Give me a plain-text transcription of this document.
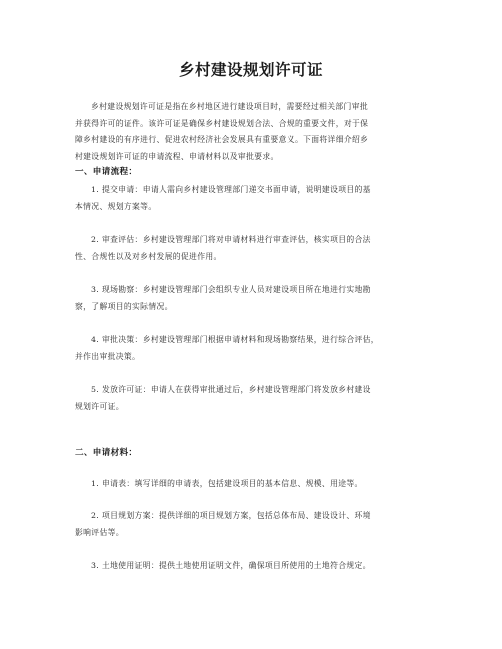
乡村建设规划许可证
乡村建设规划许可证是指在乡村地区进行建设项目时，需要经过相关部门审批
并获得许可的证件。该许可证是确保乡村建设规划合法、合规的重要文件，对于保
障乡村建设的有序进行、促进农村经济社会发展具有重要意义。下面将详细介绍乡
村建设规划许可证的申请流程、申请材料以及审批要求。
一、申请流程：
1. 提交申请：申请人需向乡村建设管理部门递交书面申请，说明建设项目的基
本情况、规划方案等。
2. 审查评估：乡村建设管理部门将对申请材料进行审查评估，核实项目的合法
性、合规性以及对乡村发展的促进作用。
3. 现场勘察：乡村建设管理部门会组织专业人员对建设项目所在地进行实地勘
察，了解项目的实际情况。
4. 审批决策：乡村建设管理部门根据申请材料和现场勘察结果，进行综合评估，
并作出审批决策。
5. 发放许可证：申请人在获得审批通过后，乡村建设管理部门将发放乡村建设
规划许可证。
二、申请材料：
1. 申请表：填写详细的申请表，包括建设项目的基本信息、规模、用途等。
2. 项目规划方案：提供详细的项目规划方案，包括总体布局、建设设计、环境
影响评估等。
3. 土地使用证明：提供土地使用证明文件，确保项目所使用的土地符合规定。
